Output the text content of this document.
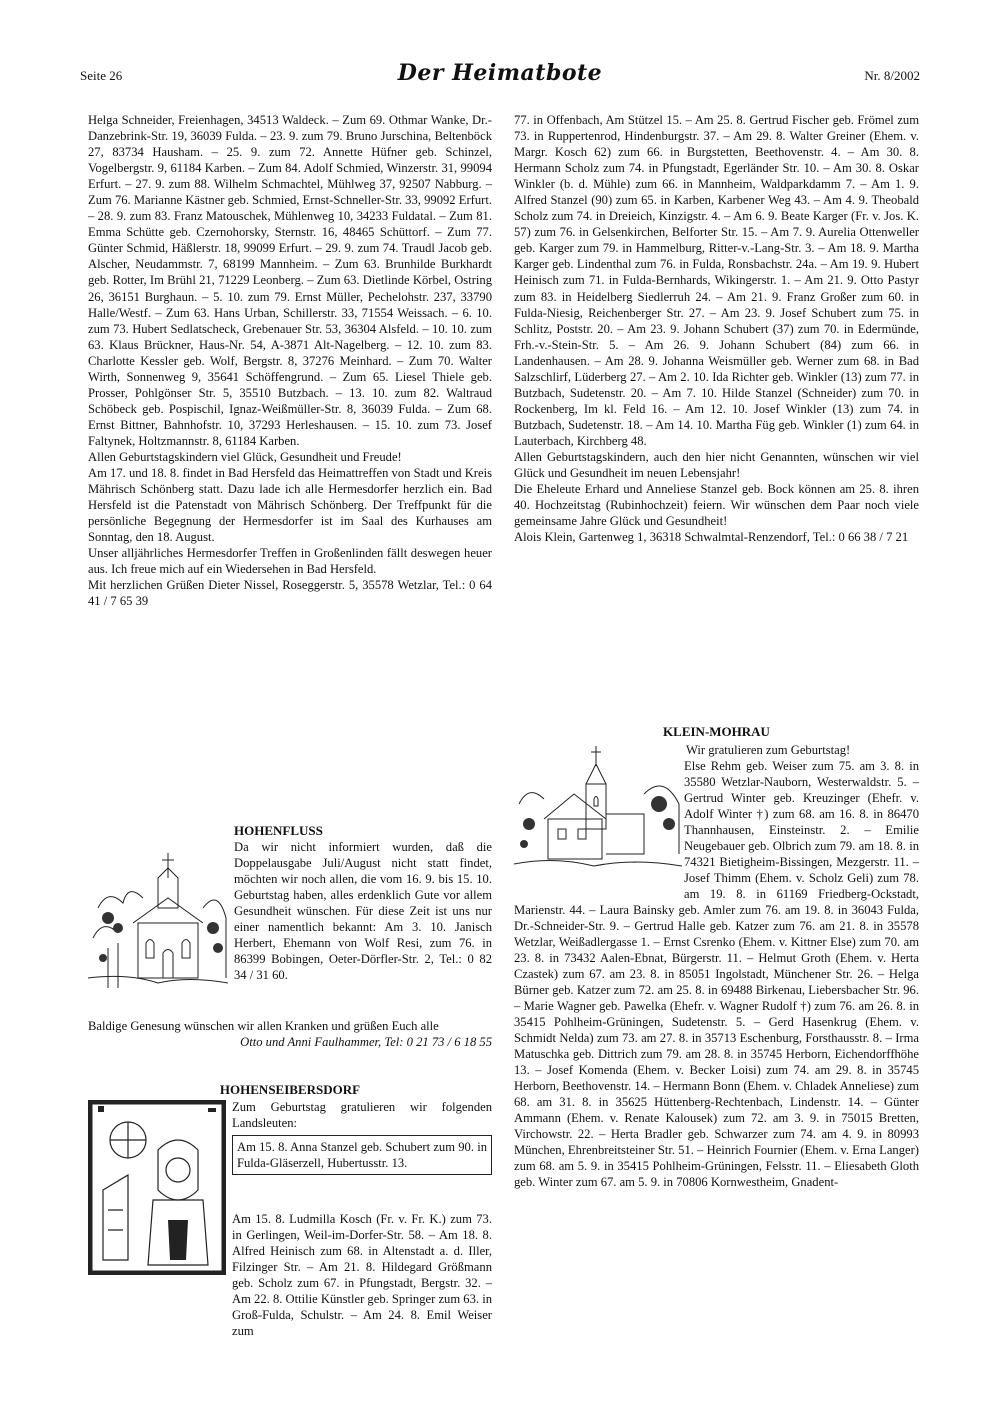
Seite 26	Der Heimatbote	Nr. 8/2002

Helga Schneider, Freienhagen, 34513 Waldeck. – Zum 69. Othmar Wanke, Dr.-Danzebrink-Str. 19, 36039 Fulda. – 23. 9. zum 79. Bruno Jurschina, Beltenböck 27, 83734 Hausham. – 25. 9. zum 72. Annette Hüfner geb. Schinzel, Vogelbergstr. 9, 61184 Karben. – Zum 84. Adolf Schmied, Winzerstr. 31, 99094 Erfurt. – 27. 9. zum 88. Wilhelm Schmachtel, Mühlweg 37, 92507 Nabburg. – Zum 76. Marianne Kästner geb. Schmied, Ernst-Schneller-Str. 33, 99092 Erfurt. – 28. 9. zum 83. Franz Matouschek, Mühlenweg 10, 34233 Fuldatal. – Zum 81. Emma Schütte geb. Czernohorsky, Sternstr. 16, 48465 Schüttorf. – Zum 77. Günter Schmid, Häßlerstr. 18, 99099 Erfurt. – 29. 9. zum 74. Traudl Jacob geb. Alscher, Neudammstr. 7, 68199 Mannheim. – Zum 63. Brunhilde Burkhardt geb. Rotter, Im Brühl 21, 71229 Leonberg. – Zum 63. Dietlinde Körbel, Ostring 26, 36151 Burghaun. – 5. 10. zum 79. Ernst Müller, Pechelohstr. 237, 33790 Halle/Westf. – Zum 63. Hans Urban, Schillerstr. 33, 71554 Weissach. – 6. 10. zum 73. Hubert Sedlatscheck, Grebenauer Str. 53, 36304 Alsfeld. – 10. 10. zum 63. Klaus Brückner, Haus-Nr. 54, A-3871 Alt-Nagelberg. – 12. 10. zum 83. Charlotte Kessler geb. Wolf, Bergstr. 8, 37276 Meinhard. – Zum 70. Walter Wirth, Sonnenweg 9, 35641 Schöffengrund. – Zum 65. Liesel Thiele geb. Prosser, Pohlgönser Str. 5, 35510 Butzbach. – 13. 10. zum 82. Waltraud Schöbeck geb. Pospischil, Ignaz-Weißmüller-Str. 8, 36039 Fulda. – Zum 68. Ernst Bittner, Bahnhofstr. 10, 37293 Herleshausen. – 15. 10. zum 73. Josef Faltynek, Holtzmannstr. 8, 61184 Karben.

Allen Geburtstagskindern viel Glück, Gesundheit und Freude!

Am 17. und 18. 8. findet in Bad Hersfeld das Heimattreffen von Stadt und Kreis Mährisch Schönberg statt. Dazu lade ich alle Hermesdorfer herzlich ein. Bad Hersfeld ist die Patenstadt von Mährisch Schönberg. Der Treffpunkt für die persönliche Begegnung der Hermesdorfer ist im Saal des Kurhauses am Sonntag, den 18. August.

Unser alljährliches Hermesdorfer Treffen in Großenlinden fällt deswegen heuer aus. Ich freue mich auf ein Wiedersehen in Bad Hersfeld.

Mit herzlichen Grüßen Dieter Nissel, Roseggerstr. 5, 35578 Wetzlar, Tel.: 0 64 41 / 7 65 39

HOHENFLUSS

Da wir nicht informiert wurden, daß die Doppelausgabe Juli/August nicht statt findet, möchten wir noch allen, die vom 16. 9. bis 15. 10. Geburtstag haben, alles erdenklich Gute vor allem Gesundheit wünschen. Für diese Zeit ist uns nur einer namentlich bekannt: Am 3. 10. Janisch Herbert, Ehemann von Wolf Resi, zum 76. in 86399 Bobingen, Oeter-Dörfler-Str. 2, Tel.: 0 82 34 / 31 60.

Baldige Genesung wünschen wir allen Kranken und grüßen Euch alle

Otto und Anni Faulhammer, Tel: 0 21 73 / 6 18 55

HOHENSEIBERSDORF

Zum Geburtstag gratulieren wir folgenden Landsleuten:

Am 15. 8. Anna Stanzel geb. Schubert zum 90. in Fulda-Gläserzell, Hubertusstr. 13.

Am 15. 8. Ludmilla Kosch (Fr. v. Fr. K.) zum 73. in Gerlingen, Weil-im-Dorfer-Str. 58. – Am 18. 8. Alfred Heinisch zum 68. in Altenstadt a. d. Iller, Filzinger Str. – Am 21. 8. Hildegard Größmann geb. Scholz zum 67. in Pfungstadt, Bergstr. 32. – Am 22. 8. Ottilie Künstler geb. Springer zum 63. in Groß-Fulda, Schulstr. – Am 24. 8. Emil Weiser zum

77. in Offenbach, Am Stützel 15. – Am 25. 8. Gertrud Fischer geb. Frömel zum 73. in Ruppertenrod, Hindenburgstr. 37. – Am 29. 8. Walter Greiner (Ehem. v. Margr. Kosch 62) zum 66. in Burgstetten, Beethovenstr. 4. – Am 30. 8. Hermann Scholz zum 74. in Pfungstadt, Egerländer Str. 10. – Am 30. 8. Oskar Winkler (b. d. Mühle) zum 66. in Mannheim, Waldparkdamm 7. – Am 1. 9. Alfred Stanzel (90) zum 65. in Karben, Karbener Weg 43. – Am 4. 9. Theobald Scholz zum 74. in Dreieich, Kinzigstr. 4. – Am 6. 9. Beate Karger (Fr. v. Jos. K. 57) zum 76. in Gelsenkirchen, Belforter Str. 15. – Am 7. 9. Aurelia Ottenweller geb. Karger zum 79. in Hammelburg, Ritter-v.-Lang-Str. 3. – Am 18. 9. Martha Karger geb. Lindenthal zum 76. in Fulda, Ronsbachstr. 24a. – Am 19. 9. Hubert Heinisch zum 71. in Fulda-Bernhards, Wikingerstr. 1. – Am 21. 9. Otto Pastyr zum 83. in Heidelberg Siedlerruh 24. – Am 21. 9. Franz Großer zum 60. in Fulda-Niesig, Reichenberger Str. 27. – Am 23. 9. Josef Schubert zum 75. in Schlitz, Poststr. 20. – Am 23. 9. Johann Schubert (37) zum 70. in Edermünde, Frh.-v.-Stein-Str. 5. – Am 26. 9. Johann Schubert (84) zum 66. in Landenhausen. – Am 28. 9. Johanna Weismüller geb. Werner zum 68. in Bad Salzschlirf, Lüderberg 27. – Am 2. 10. Ida Richter geb. Winkler (13) zum 77. in Butzbach, Sudetenstr. 20. – Am 7. 10. Hilde Stanzel (Schneider) zum 70. in Rockenberg, Im kl. Feld 16. – Am 12. 10. Josef Winkler (13) zum 74. in Butzbach, Sudetenstr. 18. – Am 14. 10. Martha Füg geb. Winkler (1) zum 64. in Lauterbach, Kirchberg 48.

Allen Geburtstagskindern, auch den hier nicht Genannten, wünschen wir viel Glück und Gesundheit im neuen Lebensjahr!

Die Eheleute Erhard und Anneliese Stanzel geb. Bock können am 25. 8. ihren 40. Hochzeitstag (Rubinhochzeit) feiern. Wir wünschen dem Paar noch viele gemeinsame Jahre Glück und Gesundheit!

Alois Klein, Gartenweg 1, 36318 Schwalmtal-Renzendorf, Tel.: 0 66 38 / 7 21

KLEIN-MOHRAU

Wir gratulieren zum Geburtstag!

Else Rehm geb. Weiser zum 75. am 3. 8. in 35580 Wetzlar-Nauborn, Westerwaldstr. 5. – Gertrud Winter geb. Kreuzinger (Ehefr. v. Adolf Winter †) zum 68. am 16. 8. in 86470 Thannhausen, Einsteinstr. 2. – Emilie Neugebauer geb. Olbrich zum 79. am 18. 8. in 74321 Bietigheim-Bissingen, Mezgerstr. 11. – Josef Thimm (Ehem. v. Scholz Geli) zum 78. am 19. 8. in 61169 Friedberg-Ockstadt, Marienstr. 44. – Laura Bainsky geb. Amler zum 76. am 19. 8. in 36043 Fulda, Dr.-Schneider-Str. 9. – Gertrud Halle geb. Katzer zum 76. am 21. 8. in 35578 Wetzlar, Weißadlergasse 1. – Ernst Csrenko (Ehem. v. Kittner Else) zum 70. am 23. 8. in 73432 Aalen-Ebnat, Bürgerstr. 11. – Helmut Groth (Ehem. v. Herta Czastek) zum 67. am 23. 8. in 85051 Ingolstadt, Münchener Str. 26. – Helga Bürner geb. Katzer zum 72. am 25. 8. in 69488 Birkenau, Liebersbacher Str. 96. – Marie Wagner geb. Pawelka (Ehefr. v. Wagner Rudolf †) zum 76. am 26. 8. in 35415 Pohlheim-Grüningen, Sudetenstr. 5. – Gerd Hasenkrug (Ehem. v. Schmidt Nelda) zum 73. am 27. 8. in 35713 Eschenburg, Forsthausstr. 8. – Irma Matuschka geb. Dittrich zum 79. am 28. 8. in 35745 Herborn, Eichendorffhöhe 13. – Josef Komenda (Ehem. v. Becker Loisi) zum 74. am 29. 8. in 35745 Herborn, Beethovenstr. 14. – Hermann Bonn (Ehem. v. Chladek Anneliese) zum 68. am 31. 8. in 35625 Hüttenberg-Rechtenbach, Lindenstr. 14. – Günter Ammann (Ehem. v. Renate Kalousek) zum 72. am 3. 9. in 75015 Bretten, Virchowstr. 22. – Herta Bradler geb. Schwarzer zum 74. am 4. 9. in 80993 München, Ehrenbreitsteiner Str. 51. – Heinrich Fournier (Ehem. v. Erna Langer) zum 68. am 5. 9. in 35415 Pohlheim-Grüningen, Felsstr. 11. – Eliesabeth Gloth geb. Winter zum 67. am 5. 9. in 70806 Kornwestheim, Gnadent-
